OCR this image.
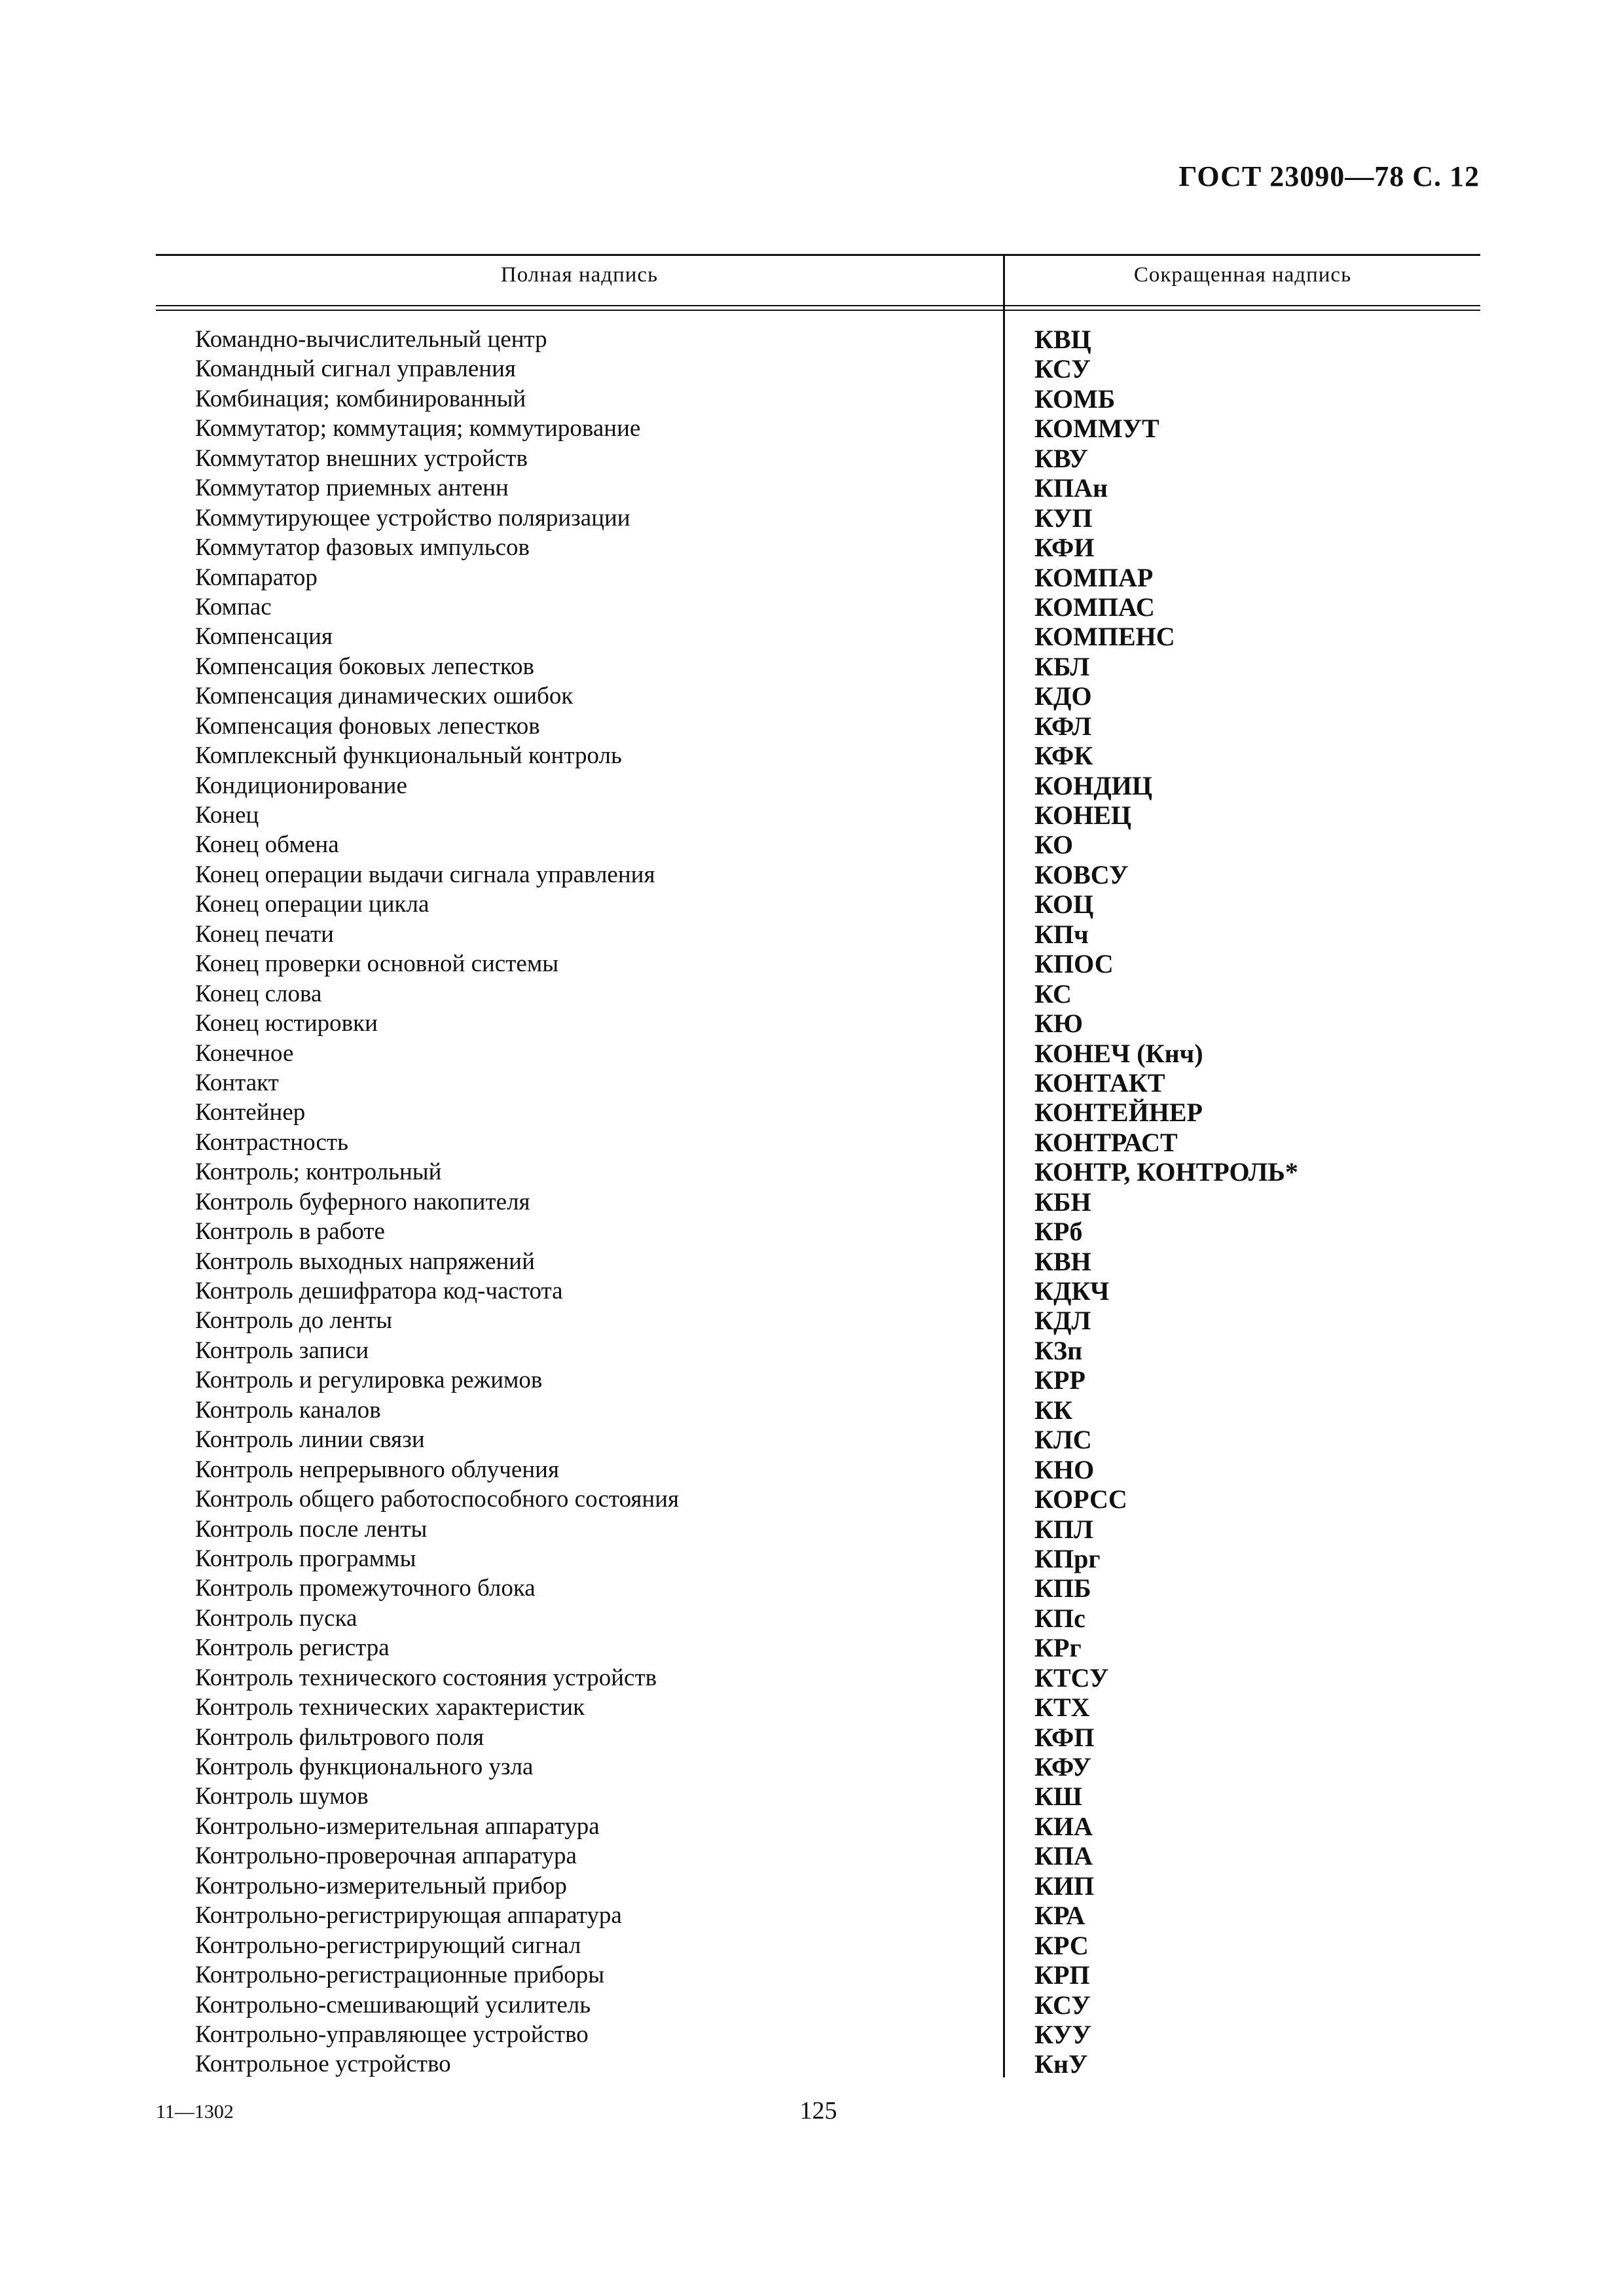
ГОСТ 23090—78 С. 12
Полная надпись	Сокращенная надпись
Командно-вычислительный центр	КВЦ
Командный сигнал управления	КСУ
Комбинация; комбинированный	КОМБ
Коммутатор; коммутация; коммутирование	КОММУТ
Коммутатор внешних устройств	КВУ
Коммутатор приемных антенн	КПАн
Коммутирующее устройство поляризации	КУП
Коммутатор фазовых импульсов	КФИ
Компаратор	КОМПАР
Компас	КОМПАС
Компенсация	КОМПЕНС
Компенсация боковых лепестков	КБЛ
Компенсация динамических ошибок	КДО
Компенсация фоновых лепестков	КФЛ
Комплексный функциональный контроль	КФК
Кондиционирование	КОНДИЦ
Конец	КОНЕЦ
Конец обмена	КО
Конец операции выдачи сигнала управления	КОВСУ
Конец операции цикла	КОЦ
Конец печати	КПч
Конец проверки основной системы	КПОС
Конец слова	КС
Конец юстировки	КЮ
Конечное	КОНЕЧ (Кнч)
Контакт	КОНТАКТ
Контейнер	КОНТЕЙНЕР
Контрастность	КОНТРАСТ
Контроль; контрольный	КОНТР, КОНТРОЛЬ*
Контроль буферного накопителя	КБН
Контроль в работе	КРб
Контроль выходных напряжений	КВН
Контроль дешифратора код-частота	КДКЧ
Контроль до ленты	КДЛ
Контроль записи	КЗп
Контроль и регулировка режимов	КРР
Контроль каналов	КК
Контроль линии связи	КЛС
Контроль непрерывного облучения	КНО
Контроль общего работоспособного состояния	КОРСС
Контроль после ленты	КПЛ
Контроль программы	КПрг
Контроль промежуточного блока	КПБ
Контроль пуска	КПс
Контроль регистра	КРг
Контроль технического состояния устройств	КТСУ
Контроль технических характеристик	КТХ
Контроль фильтрового поля	КФП
Контроль функционального узла	КФУ
Контроль шумов	КШ
Контрольно-измерительная аппаратура	КИА
Контрольно-проверочная аппаратура	КПА
Контрольно-измерительный прибор	КИП
Контрольно-регистрирующая аппаратура	КРА
Контрольно-регистрирующий сигнал	КРС
Контрольно-регистрационные приборы	КРП
Контрольно-смешивающий усилитель	КСУ
Контрольно-управляющее устройство	КУУ
Контрольное устройство	КнУ
11—1302	125
